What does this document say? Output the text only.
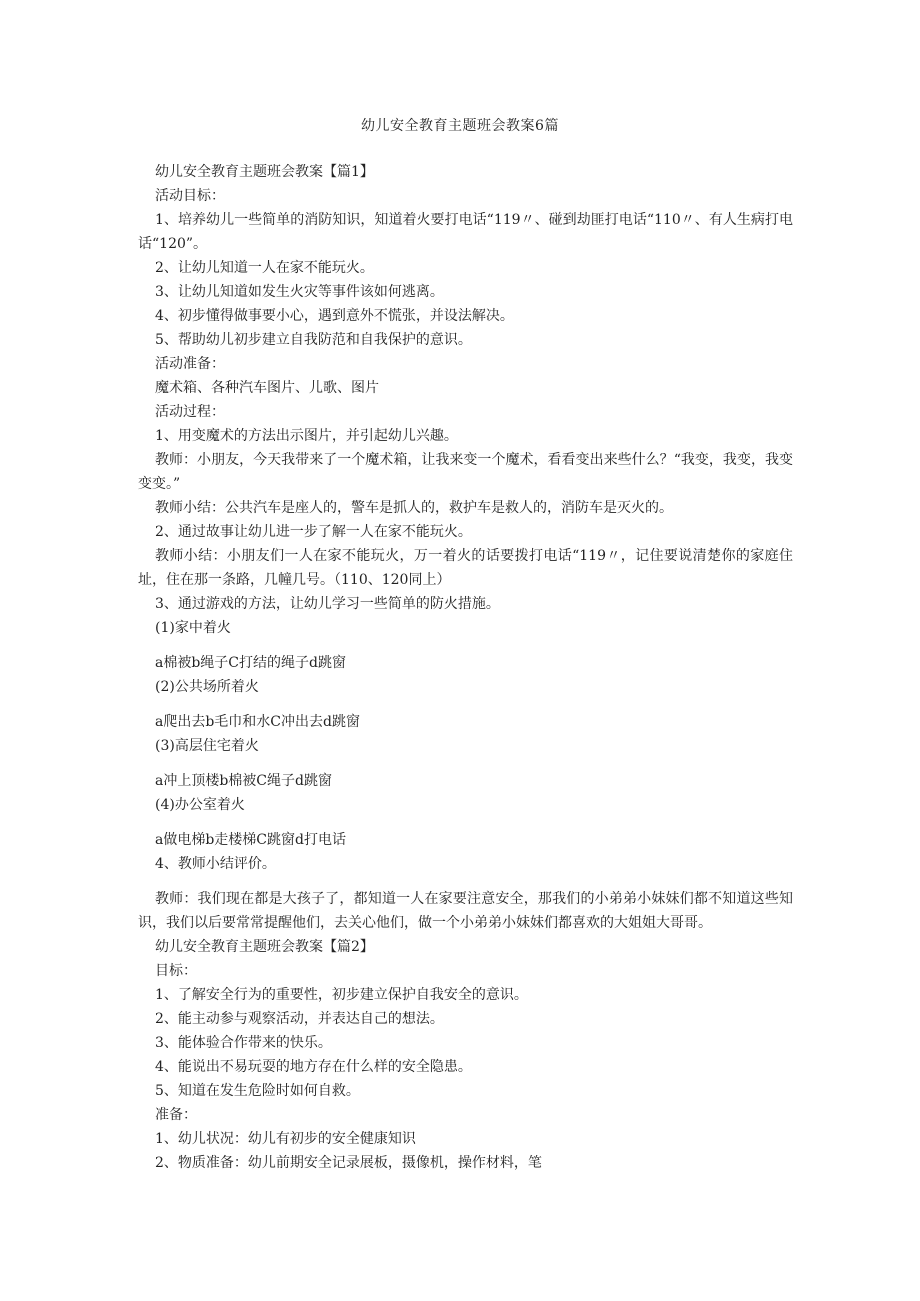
幼儿安全教育主题班会教案6篇
幼儿安全教育主题班会教案【篇1】
活动目标：
1、培养幼儿一些简单的消防知识，知道着火要打电话“119〃、碰到劫匪打电话“110〃、有人生病打电话“120”。
2、让幼儿知道一人在家不能玩火。
3、让幼儿知道如发生火灾等事件该如何逃离。
4、初步懂得做事要小心，遇到意外不慌张，并设法解决。
5、帮助幼儿初步建立自我防范和自我保护的意识。
活动准备：
魔术箱、各种汽车图片、儿歌、图片
活动过程：
1、用变魔术的方法出示图片，并引起幼儿兴趣。
教师：小朋友，今天我带来了一个魔术箱，让我来变一个魔术，看看变出来些什么？“我变，我变，我变变变。”
教师小结：公共汽车是座人的，警车是抓人的，救护车是救人的，消防车是灭火的。
2、通过故事让幼儿进一步了解一人在家不能玩火。
教师小结：小朋友们一人在家不能玩火，万一着火的话要拨打电话“119〃，记住要说清楚你的家庭住址，住在那一条路，几幢几号。（110、120同上）
3、通过游戏的方法，让幼儿学习一些简单的防火措施。
(1)家中着火
a棉被b绳子C打结的绳子d跳窗
(2)公共场所着火
a爬出去b毛巾和水C冲出去d跳窗
(3)高层住宅着火
a冲上顶楼b棉被C绳子d跳窗
(4)办公室着火
a做电梯b走楼梯C跳窗d打电话
4、教师小结评价。
教师：我们现在都是大孩子了，都知道一人在家要注意安全，那我们的小弟弟小妹妹们都不知道这些知识，我们以后要常常提醒他们，去关心他们，做一个小弟弟小妹妹们都喜欢的大姐姐大哥哥。
幼儿安全教育主题班会教案【篇2】
目标：
1、了解安全行为的重要性，初步建立保护自我安全的意识。
2、能主动参与观察活动，并表达自己的想法。
3、能体验合作带来的快乐。
4、能说出不易玩耍的地方存在什么样的安全隐患。
5、知道在发生危险时如何自救。
准备：
1、幼儿状况：幼儿有初步的安全健康知识
2、物质准备：幼儿前期安全记录展板，摄像机，操作材料，笔
